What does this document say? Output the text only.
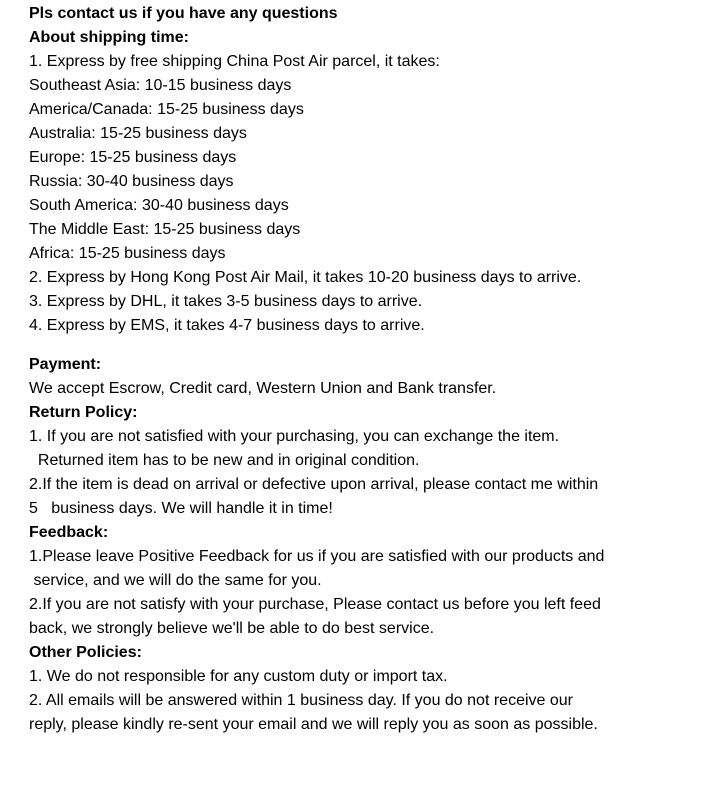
Pls contact us if you have any questions
About shipping time:
1. Express by free shipping China Post Air parcel, it takes:
Southeast Asia: 10-15 business days
America/Canada: 15-25 business days
Australia: 15-25 business days
Europe: 15-25 business days
Russia: 30-40 business days
South America: 30-40 business days
The Middle East: 15-25 business days
Africa: 15-25 business days
2. Express by Hong Kong Post Air Mail, it takes 10-20 business days to arrive.
3. Express by DHL, it takes 3-5 business days to arrive.
4. Express by EMS, it takes 4-7 business days to arrive.
Payment:
We accept Escrow, Credit card, Western Union and Bank transfer.
Return Policy:
1. If you are not satisfied with your purchasing, you can exchange the item.
Returned item has to be new and in original condition.
2.If the item is dead on arrival or defective upon arrival, please contact me within
5   business days. We will handle it in time!
Feedback:
1.Please leave Positive Feedback for us if you are satisfied with our products and
service, and we will do the same for you.
2.If you are not satisfy with your purchase, Please contact us before you left feed
back, we strongly believe we'll be able to do best service.
Other Policies:
1. We do not responsible for any custom duty or import tax.
2. All emails will be answered within 1 business day. If you do not receive our
reply, please kindly re-sent your email and we will reply you as soon as possible.
